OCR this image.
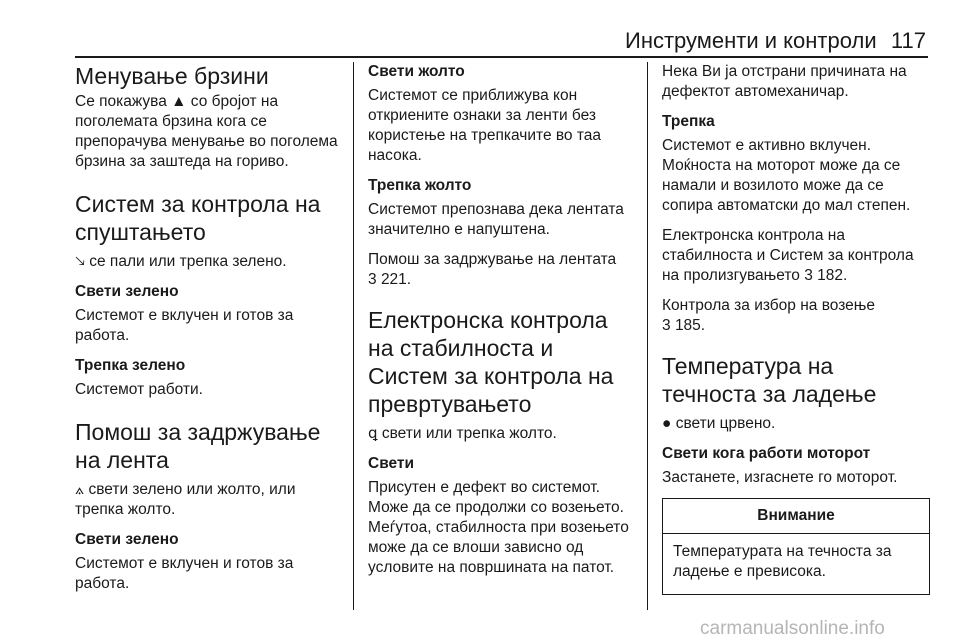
Инструменти и контроли 117
Менување брзини

Се покажува ▲ со бројот на поголемата брзина кога се препорачува менување во поголема брзина за заштеда на гориво.

Систем за контрола на спуштањето

🡖 се пали или трепка зелено.

Свети зелено

Системот е вклучен и готов за работа.

Трепка зелено

Системот работи.

Помош за задржување на лента

⟑ свети зелено или жолто, или трепка жолто.

Свети зелено

Системот е вклучен и готов за работа.

Свети жолто

Системот се приближува кон откриените ознаки за ленти без користење на трепкачите во таа насока.

Трепка жолто

Системот препознава дека лентата значително е напуштена.

Помош за задржување на лентата
3 221.

Електронска контрола на стабилноста и Систем за контрола на превртувањето

ꝗ свети или трепка жолто.

Свети

Присутен е дефект во системот. Може да се продолжи со возењето. Меѓутоа, стабилноста при возењето може да се влоши зависно од условите на површината на патот.

Нека Ви ја отстрани причината на дефектот автомеханичар.

Трепка

Системот е активно вклучен. Моќноста на моторот може да се намали и возилото може да се сопира автоматски до мал степен.

Електронска контрола на стабилноста и Систем за контрола на пролизгувањето 3 182.

Контрола за избор на возење
3 185.

Температура на течноста за ладење

● свети црвено.

Свети кога работи моторот

Застанете, изгаснете го моторот.

Внимание
Температурата на течноста за ладење е превисока.
carmanualsonline.info
